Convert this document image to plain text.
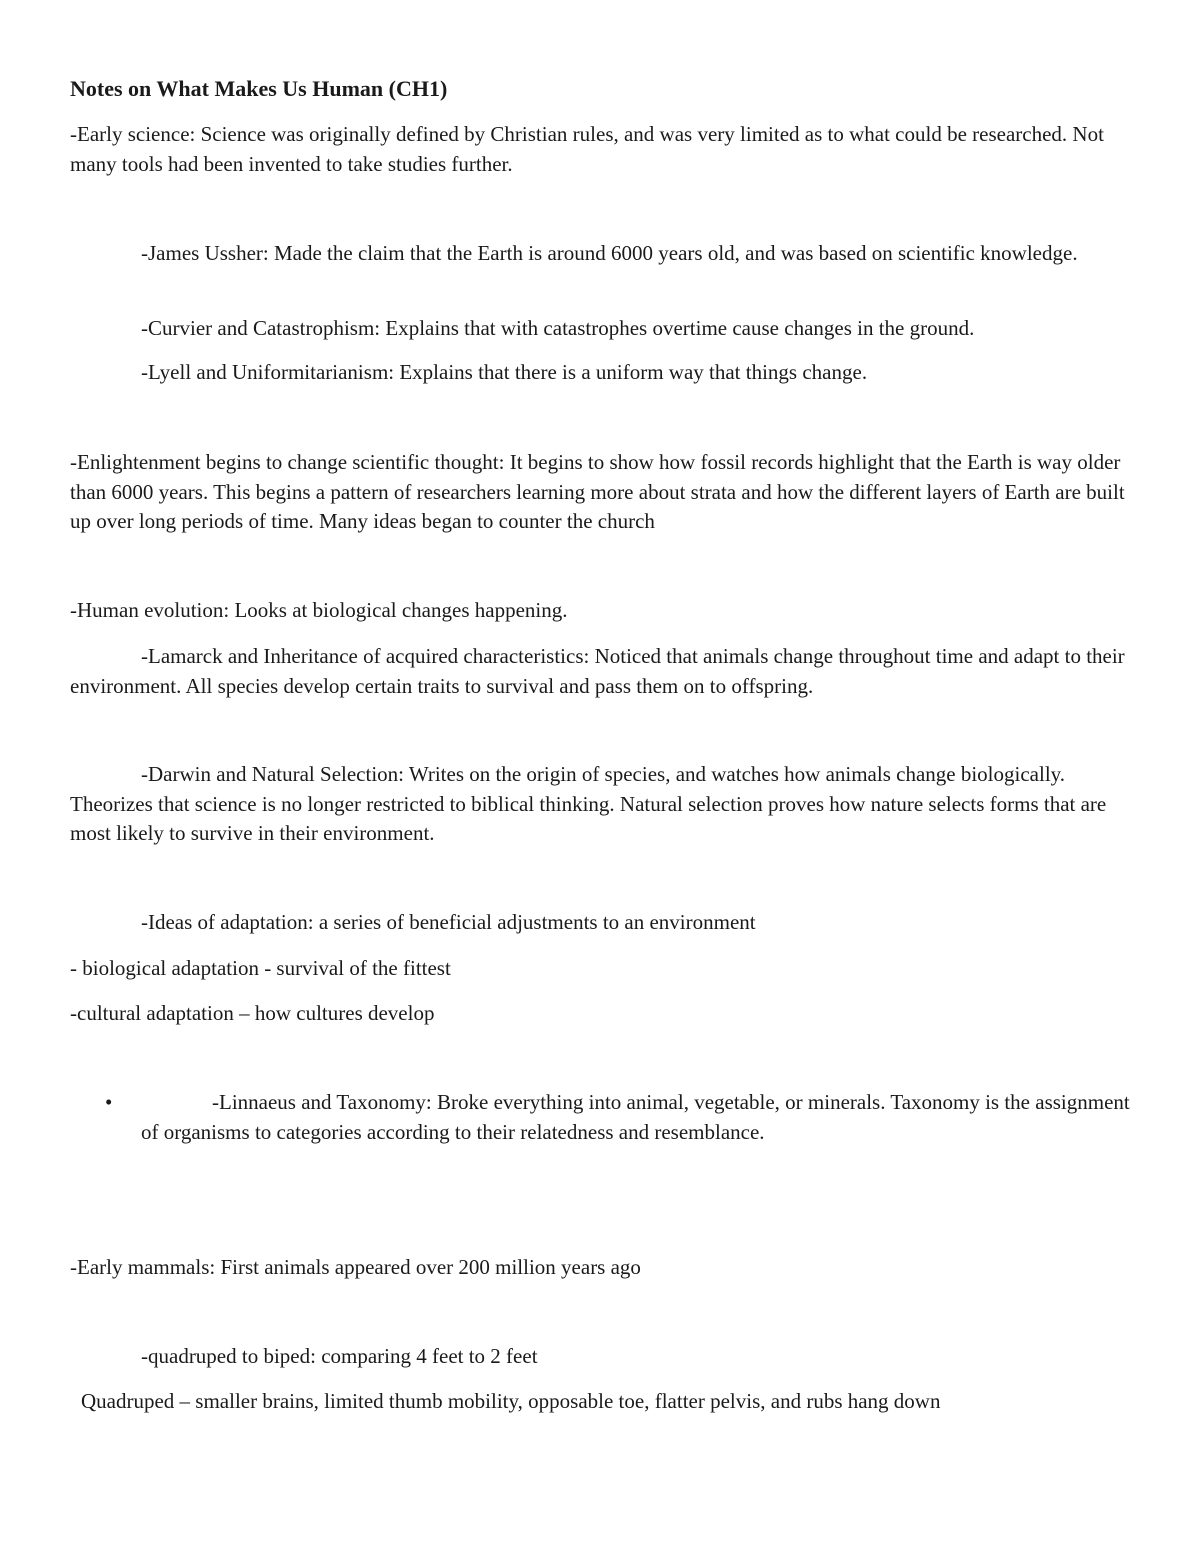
Notes on What Makes Us Human (CH1)

-Early science: Science was originally defined by Christian rules, and was very limited as to what could be researched. Not many tools had been invented to take studies further.

-James Ussher: Made the claim that the Earth is around 6000 years old, and was based on scientific knowledge.

-Curvier and Catastrophism: Explains that with catastrophes overtime cause changes in the ground.

-Lyell and Uniformitarianism: Explains that there is a uniform way that things change.

-Enlightenment begins to change scientific thought: It begins to show how fossil records highlight that the Earth is way older than 6000 years. This begins a pattern of researchers learning more about strata and how the different layers of Earth are built up over long periods of time. Many ideas began to counter the church

-Human evolution: Looks at biological changes happening.

-Lamarck and Inheritance of acquired characteristics: Noticed that animals change throughout time and adapt to their environment. All species develop certain traits to survival and pass them on to offspring.

-Darwin and Natural Selection: Writes on the origin of species, and watches how animals change biologically. Theorizes that science is no longer restricted to biblical thinking. Natural selection proves how nature selects forms that are most likely to survive in their environment.

-Ideas of adaptation: a series of beneficial adjustments to an environment

- biological adaptation - survival of the fittest

-cultural adaptation – how cultures develop

•	-Linnaeus and Taxonomy: Broke everything into animal, vegetable, or minerals. Taxonomy is the assignment of organisms to categories according to their relatedness and resemblance.

-Early mammals: First animals appeared over 200 million years ago

-quadruped to biped: comparing 4 feet to 2 feet

Quadruped – smaller brains, limited thumb mobility, opposable toe, flatter pelvis, and rubs hang down
